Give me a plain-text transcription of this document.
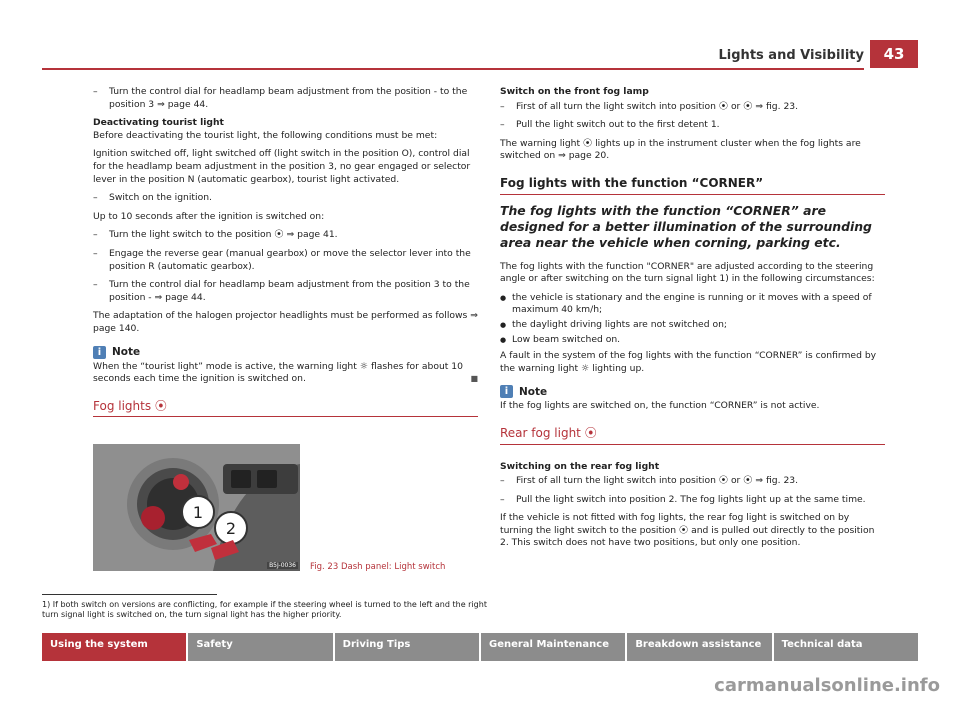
Lights and Visibility	43
– Turn the control dial for headlamp beam adjustment from the position - to the position 3 ⇒ page 44.

Deactivating tourist light

Before deactivating the tourist light, the following conditions must be met:

Ignition switched off, light switched off (light switch in the position O), control dial for the headlamp beam adjustment in the position 3, no gear engaged or selector lever in the position N (automatic gearbox), tourist light activated.

– Switch on the ignition.

Up to 10 seconds after the ignition is switched on:

– Turn the light switch to the position ⦿ ⇒ page 41.
– Engage the reverse gear (manual gearbox) or move the selector lever into the position R (automatic gearbox).
– Turn the control dial for headlamp beam adjustment from the position 3 to the position - ⇒ page 44.

The adaptation of the halogen projector headlights must be performed as follows ⇒ page 140.

i	Note

When the “tourist light” mode is active, the warning light ☼ flashes for about 10 seconds each time the ignition is switched on.	■

Fog lights ⦿
1
2
B5J-0036 Fig. 23 Dash panel: Light switch
1) If both switch on versions are conflicting, for example if the steering wheel is turned to the left and the right turn signal light is switched on, the turn signal light has the higher priority.

Switch on the front fog lamp

– First of all turn the light switch into position ⦿ or ⦿ ⇒ fig. 23.
– Pull the light switch out to the first detent 1.

The warning light ⦿ lights up in the instrument cluster when the fog lights are switched on ⇒ page 20.

Fog lights with the function “CORNER”
The fog lights with the function “CORNER” are designed for a better illumination of the surrounding area near the vehicle when corning, parking etc.

The fog lights with the function "CORNER" are adjusted according to the steering angle or after switching on the turn signal light 1) in the following circumstances:

● the vehicle is stationary and the engine is running or it moves with a speed of maximum 40 km/h;
● the daylight driving lights are not switched on;
● Low beam switched on.

A fault in the system of the fog lights with the function “CORNER” is confirmed by the warning light ☼ lighting up.

i	Note

If the fog lights are switched on, the function “CORNER” is not active.

Rear fog light ⦿

Switching on the rear fog light

– First of all turn the light switch into position ⦿ or ⦿ ⇒ fig. 23.
– Pull the light switch into position 2. The fog lights light up at the same time.

If the vehicle is not fitted with fog lights, the rear fog light is switched on by turning the light switch to the position ⦿ and is pulled out directly to the position 2. This switch does not have two positions, but only one position.

Using the system	Safety	Driving Tips	General Maintenance	Breakdown assistance	Technical data
carmanualsonline.info
